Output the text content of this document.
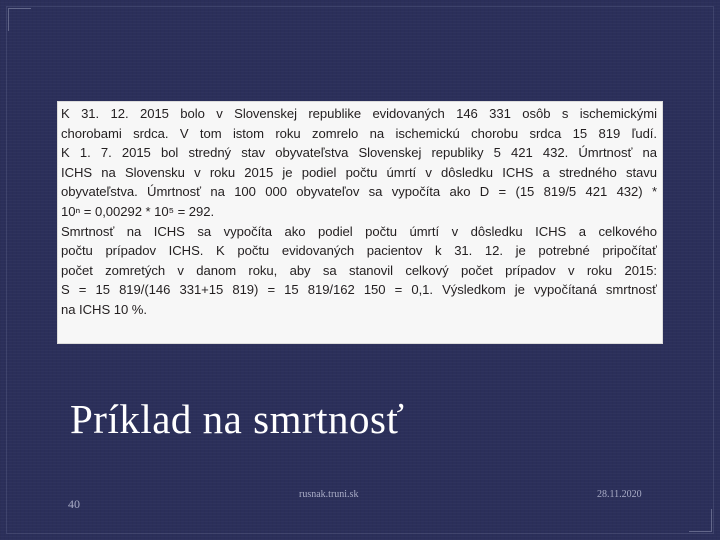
K 31. 12. 2015 bolo v Slovenskej republike evidovaných 146 331 osôb s ischemickými

chorobami srdca. V tom istom roku zomrelo na ischemickú chorobu srdca 15 819 ľudí.

K 1. 7. 2015 bol stredný stav obyvateľstva Slovenskej republiky 5 421 432. Úmrtnosť na

ICHS na Slovensku v roku 2015 je podiel počtu úmrtí v dôsledku ICHS a stredného stavu

obyvateľstva. Úmrtnosť na 100 000 obyvateľov sa vypočíta ako D = (15 819/5 421 432) *

10ⁿ = 0,00292 * 10⁵ = 292.

Smrtnosť na ICHS sa vypočíta ako podiel počtu úmrtí v dôsledku ICHS a celkového

počtu prípadov ICHS. K počtu evidovaných pacientov k 31. 12. je potrebné pripočítať

počet zomretých v danom roku, aby sa stanovil celkový počet prípadov v roku 2015:

S = 15 819/(146 331+15 819) = 15 819/162 150 = 0,1. Výsledkom je vypočítaná smrtnosť

na ICHS 10 %.

Príklad na smrtnosť
40
rusnak.truni.sk	28.11.2020
